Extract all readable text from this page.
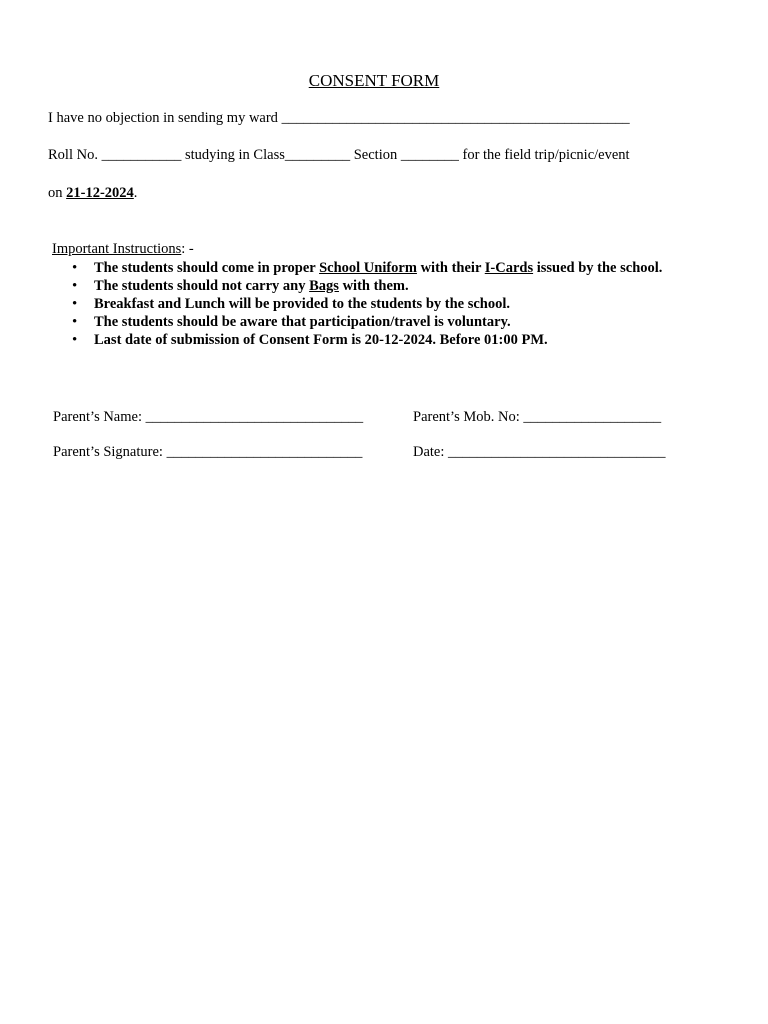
CONSENT FORM
I have no objection in sending my ward ________________________________________________
Roll No. ___________ studying in Class_________ Section ________ for the field trip/picnic/event
on 21-12-2024.
Important Instructions: -
• The students should come in proper School Uniform with their I-Cards issued by the school.
• The students should not carry any Bags with them.
• Breakfast and Lunch will be provided to the students by the school.
• The students should be aware that participation/travel is voluntary.
• Last date of submission of Consent Form is 20-12-2024. Before 01:00 PM.
Parent’s Name: ______________________________	Parent’s Mob. No: ___________________
Parent’s Signature: ___________________________	Date: ______________________________
